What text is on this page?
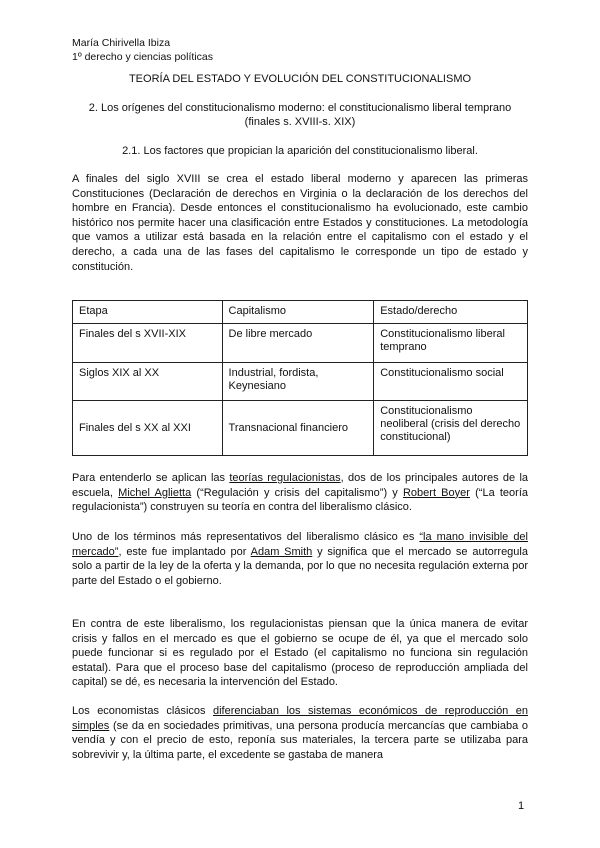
María Chirivella Ibiza
1º derecho y ciencias políticas
TEORÍA DEL ESTADO Y EVOLUCIÓN DEL CONSTITUCIONALISMO
2. Los orígenes del constitucionalismo moderno: el constitucionalismo liberal temprano (finales s. XVIII-s. XIX)
2.1. Los factores que propician la aparición del constitucionalismo liberal.

A finales del siglo XVIII se crea el estado liberal moderno y aparecen las primeras Constituciones (Declaración de derechos en Virginia o la declaración de los derechos del hombre en Francia). Desde entonces el constitucionalismo ha evolucionado, este cambio histórico nos permite hacer una clasificación entre Estados y constituciones. La metodología que vamos a utilizar está basada en la relación entre el capitalismo con el estado y el derecho, a cada una de las fases del capitalismo le corresponde un tipo de estado y constitución.

Etapa	Capitalismo	Estado/derecho
Finales del s XVII-XIX	De libre mercado	Constitucionalismo liberal temprano
Siglos XIX al XX	Industrial, fordista, Keynesiano	Constitucionalismo social
Finales del s XX al XXI	Transnacional financiero	Constitucionalismo neoliberal (crisis del derecho constitucional)

Para entenderlo se aplican las teorías regulacionistas, dos de los principales autores de la escuela, Michel Aglietta (“Regulación y crisis del capitalismo”) y Robert Boyer (“La teoría regulacionista”) construyen su teoría en contra del liberalismo clásico.

Uno de los términos más representativos del liberalismo clásico es “la mano invisible del mercado”, este fue implantado por Adam Smith y significa que el mercado se autorregula solo a partir de la ley de la oferta y la demanda, por lo que no necesita regulación externa por parte del Estado o el gobierno.

En contra de este liberalismo, los regulacionistas piensan que la única manera de evitar crisis y fallos en el mercado es que el gobierno se ocupe de él, ya que el mercado solo puede funcionar si es regulado por el Estado (el capitalismo no funciona sin regulación estatal). Para que el proceso base del capitalismo (proceso de reproducción ampliada del capital) se dé, es necesaria la intervención del Estado.

Los economistas clásicos diferenciaban los sistemas económicos de reproducción en simples (se da en sociedades primitivas, una persona producía mercancías que cambiaba o vendía y con el precio de esto, reponía sus materiales, la tercera parte se utilizaba para sobrevivir y, la última parte, el excedente se gastaba de manera

1
